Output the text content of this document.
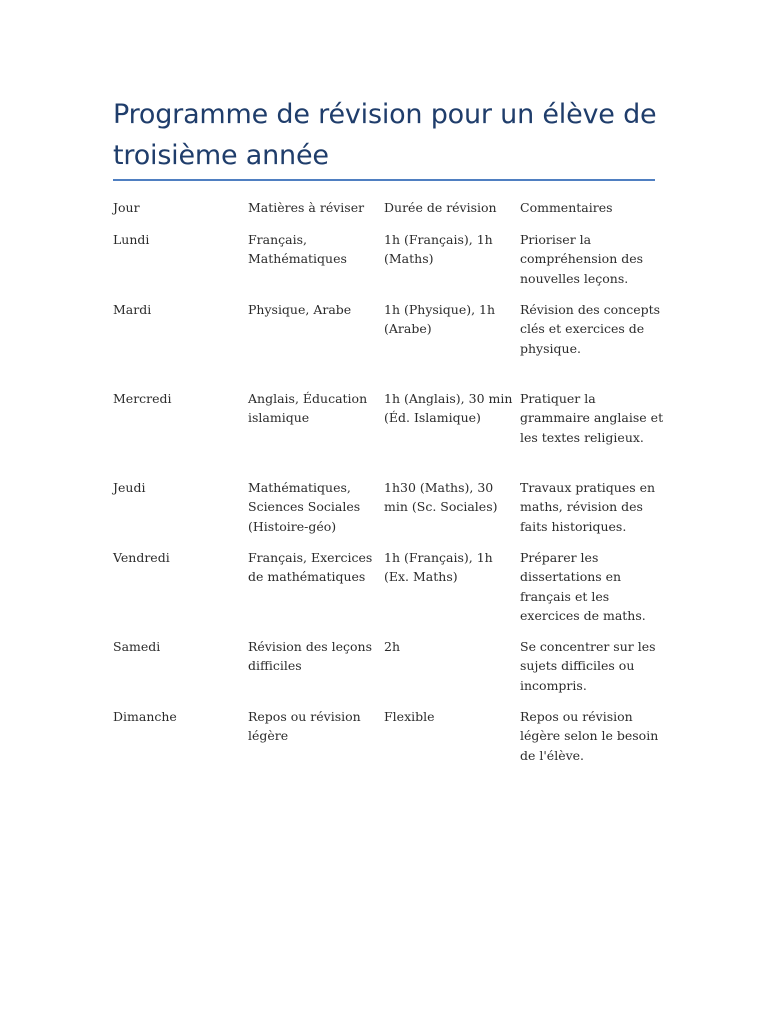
Programme de révision pour un élève de troisième année
Jour	Matières à réviser	Durée de révision	Commentaires
Lundi	Français, Mathématiques	1h (Français), 1h (Maths)	Prioriser la compréhension des nouvelles leçons.
Mardi	Physique, Arabe	1h (Physique), 1h (Arabe)	Révision des concepts clés et exercices de physique.
Mercredi	Anglais, Éducation islamique	1h (Anglais), 30 min (Éd. Islamique)	Pratiquer la grammaire anglaise et les textes religieux.
Jeudi	Mathématiques, Sciences Sociales (Histoire-géo)	1h30 (Maths), 30 min (Sc. Sociales)	Travaux pratiques en maths, révision des faits historiques.
Vendredi	Français, Exercices de mathématiques	1h (Français), 1h (Ex. Maths)	Préparer les dissertations en français et les exercices de maths.
Samedi	Révision des leçons difficiles	2h	Se concentrer sur les sujets difficiles ou incompris.
Dimanche	Repos ou révision légère	Flexible	Repos ou révision légère selon le besoin de l'élève.
